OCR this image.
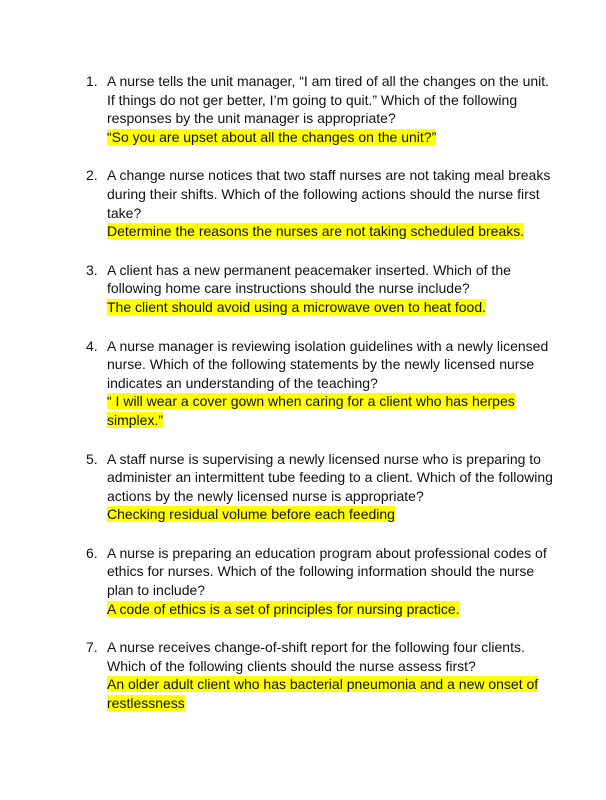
1. A nurse tells the unit manager, “I am tired of all the changes on the unit. If things do not ger better, I’m going to quit.” Which of the following responses by the unit manager is appropriate?
“So you are upset about all the changes on the unit?”
2. A change nurse notices that two staff nurses are not taking meal breaks during their shifts. Which of the following actions should the nurse first take?
Determine the reasons the nurses are not taking scheduled breaks.
3. A client has a new permanent peacemaker inserted. Which of the following home care instructions should the nurse include?
The client should avoid using a microwave oven to heat food.
4. A nurse manager is reviewing isolation guidelines with a newly licensed nurse. Which of the following statements by the newly licensed nurse indicates an understanding of the teaching?
“ I will wear a cover gown when caring for a client who has herpes simplex.”
5. A staff nurse is supervising a newly licensed nurse who is preparing to administer an intermittent tube feeding to a client. Which of the following actions by the newly licensed nurse is appropriate?
Checking residual volume before each feeding
6. A nurse is preparing an education program about professional codes of ethics for nurses. Which of the following information should the nurse plan to include?
A code of ethics is a set of principles for nursing practice.
7. A nurse receives change-of-shift report for the following four clients. Which of the following clients should the nurse assess first?
An older adult client who has bacterial pneumonia and a new onset of restlessness
